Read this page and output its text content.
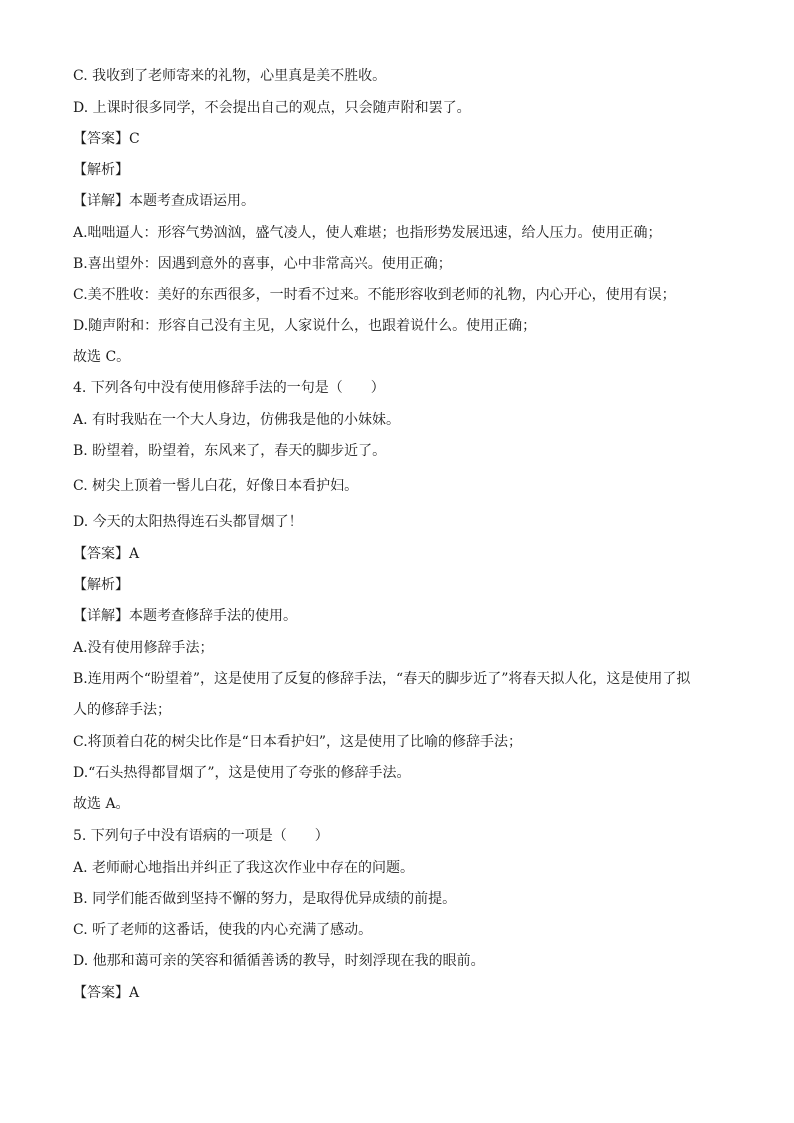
C. 我收到了老师寄来的礼物，心里真是美不胜收。
D. 上课时很多同学，不会提出自己的观点，只会随声附和罢了。
【答案】C
【解析】
【详解】本题考查成语运用。
A.咄咄逼人：形容气势汹汹，盛气凌人，使人难堪；也指形势发展迅速，给人压力。使用正确；
B.喜出望外：因遇到意外的喜事，心中非常高兴。使用正确；
C.美不胜收：美好的东西很多，一时看不过来。不能形容收到老师的礼物，内心开心，使用有误；
D.随声附和：形容自己没有主见，人家说什么，也跟着说什么。使用正确；
故选 C。
4. 下列各句中没有使用修辞手法的一句是（　　）
A. 有时我贴在一个大人身边，仿佛我是他的小妹妹。
B. 盼望着，盼望着，东风来了，春天的脚步近了。
C. 树尖上顶着一髻儿白花，好像日本看护妇。
D. 今天的太阳热得连石头都冒烟了！
【答案】A
【解析】
【详解】本题考查修辞手法的使用。
A.没有使用修辞手法；
B.连用两个“盼望着”，这是使用了反复的修辞手法，“春天的脚步近了”将春天拟人化，这是使用了拟
人的修辞手法；
C.将顶着白花的树尖比作是“日本看护妇”，这是使用了比喻的修辞手法；
D.“石头热得都冒烟了”，这是使用了夸张的修辞手法。
故选 A。
5. 下列句子中没有语病的一项是（　　）
A. 老师耐心地指出并纠正了我这次作业中存在的问题。
B. 同学们能否做到坚持不懈的努力，是取得优异成绩的前提。
C. 听了老师的这番话，使我的内心充满了感动。
D. 他那和蔼可亲的笑容和循循善诱的教导，时刻浮现在我的眼前。
【答案】A
